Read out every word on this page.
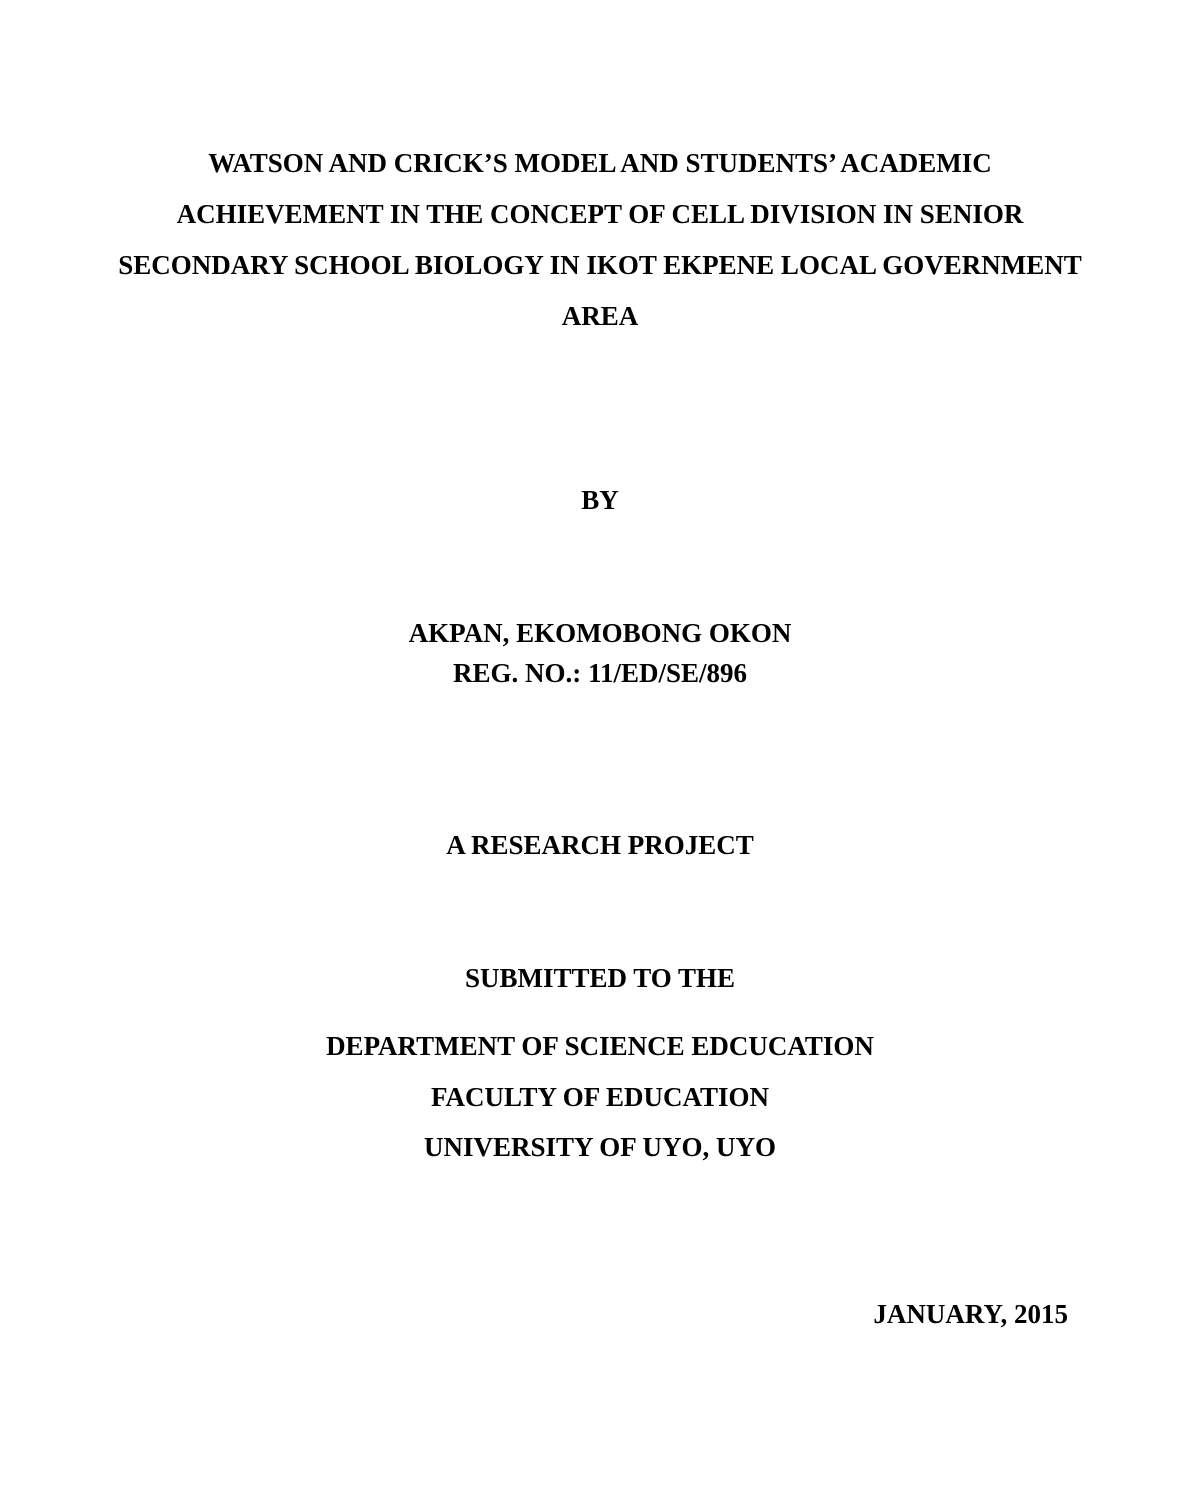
WATSON AND CRICK’S MODEL AND STUDENTS’ ACADEMIC
ACHIEVEMENT IN THE CONCEPT OF CELL DIVISION IN SENIOR
SECONDARY SCHOOL BIOLOGY IN IKOT EKPENE LOCAL GOVERNMENT
AREA

BY

AKPAN, EKOMOBONG OKON

REG. NO.: 11/ED/SE/896

A RESEARCH PROJECT

SUBMITTED TO THE

DEPARTMENT OF SCIENCE EDCUCATION

FACULTY OF EDUCATION

UNIVERSITY OF UYO, UYO

JANUARY, 2015
